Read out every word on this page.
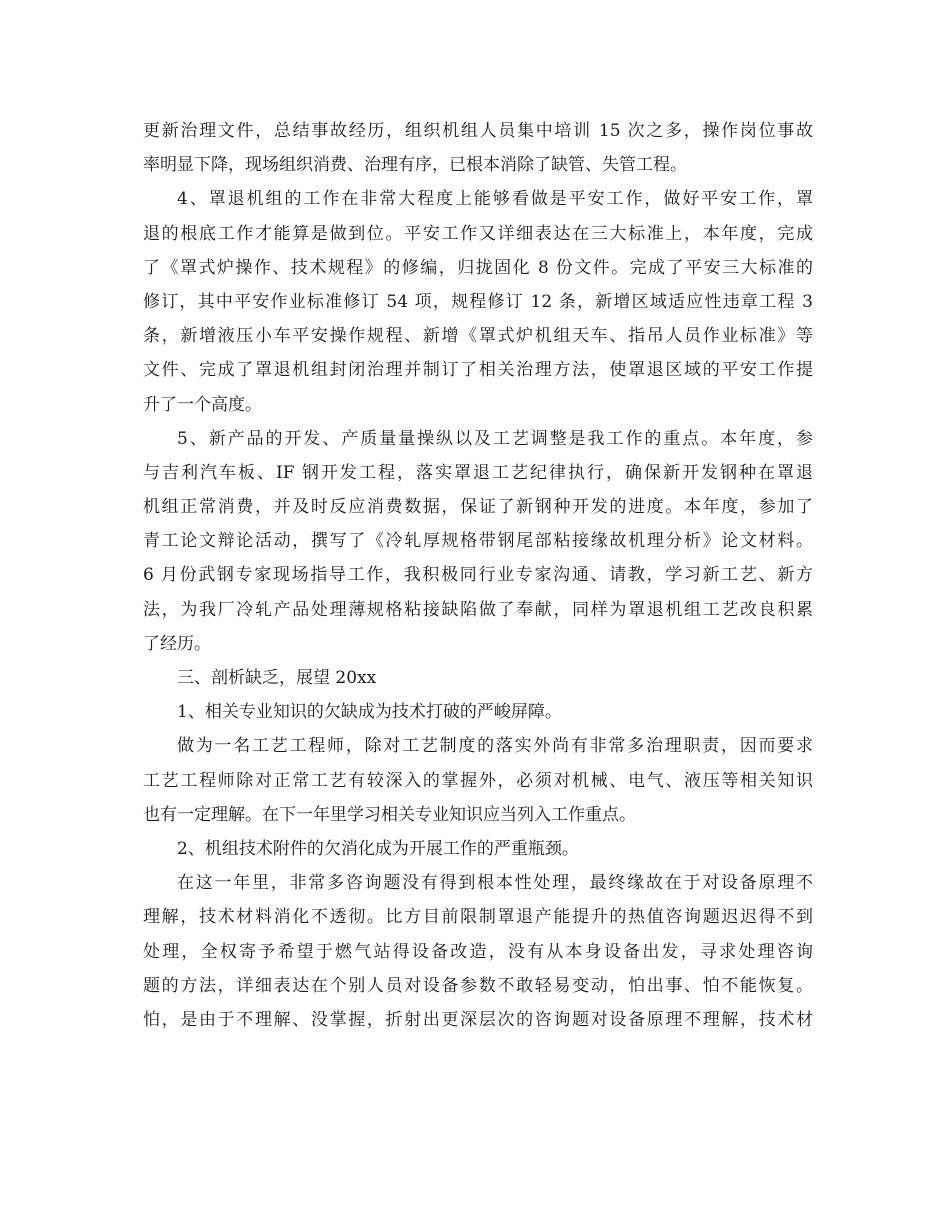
更新治理文件，总结事故经历，组织机组人员集中培训 15 次之多，操作岗位事故
率明显下降，现场组织消费、治理有序，已根本消除了缺管、失管工程。
4、罩退机组的工作在非常大程度上能够看做是平安工作，做好平安工作，罩
退的根底工作才能算是做到位。平安工作又详细表达在三大标准上，本年度，完成
了《罩式炉操作、技术规程》的修编，归拢固化 8 份文件。完成了平安三大标准的
修订，其中平安作业标准修订 54 项，规程修订 12 条，新增区域适应性违章工程 3
条，新增液压小车平安操作规程、新增《罩式炉机组天车、指吊人员作业标准》等
文件、完成了罩退机组封闭治理并制订了相关治理方法，使罩退区域的平安工作提
升了一个高度。
5、新产品的开发、产质量量操纵以及工艺调整是我工作的重点。本年度，参
与吉利汽车板、IF 钢开发工程，落实罩退工艺纪律执行，确保新开发钢种在罩退
机组正常消费，并及时反应消费数据，保证了新钢种开发的进度。本年度，参加了
青工论文辩论活动，撰写了《冷轧厚规格带钢尾部粘接缘故机理分析》论文材料。
6 月份武钢专家现场指导工作，我积极同行业专家沟通、请教，学习新工艺、新方
法，为我厂冷轧产品处理薄规格粘接缺陷做了奉献，同样为罩退机组工艺改良积累
了经历。
三、剖析缺乏，展望 20xx
1、相关专业知识的欠缺成为技术打破的严峻屏障。
做为一名工艺工程师，除对工艺制度的落实外尚有非常多治理职责，因而要求
工艺工程师除对正常工艺有较深入的掌握外，必须对机械、电气、液压等相关知识
也有一定理解。在下一年里学习相关专业知识应当列入工作重点。
2、机组技术附件的欠消化成为开展工作的严重瓶颈。
在这一年里，非常多咨询题没有得到根本性处理，最终缘故在于对设备原理不
理解，技术材料消化不透彻。比方目前限制罩退产能提升的热值咨询题迟迟得不到
处理，全权寄予希望于燃气站得设备改造，没有从本身设备出发，寻求处理咨询
题的方法，详细表达在个别人员对设备参数不敢轻易变动，怕出事、怕不能恢复。
怕，是由于不理解、没掌握，折射出更深层次的咨询题对设备原理不理解，技术材
